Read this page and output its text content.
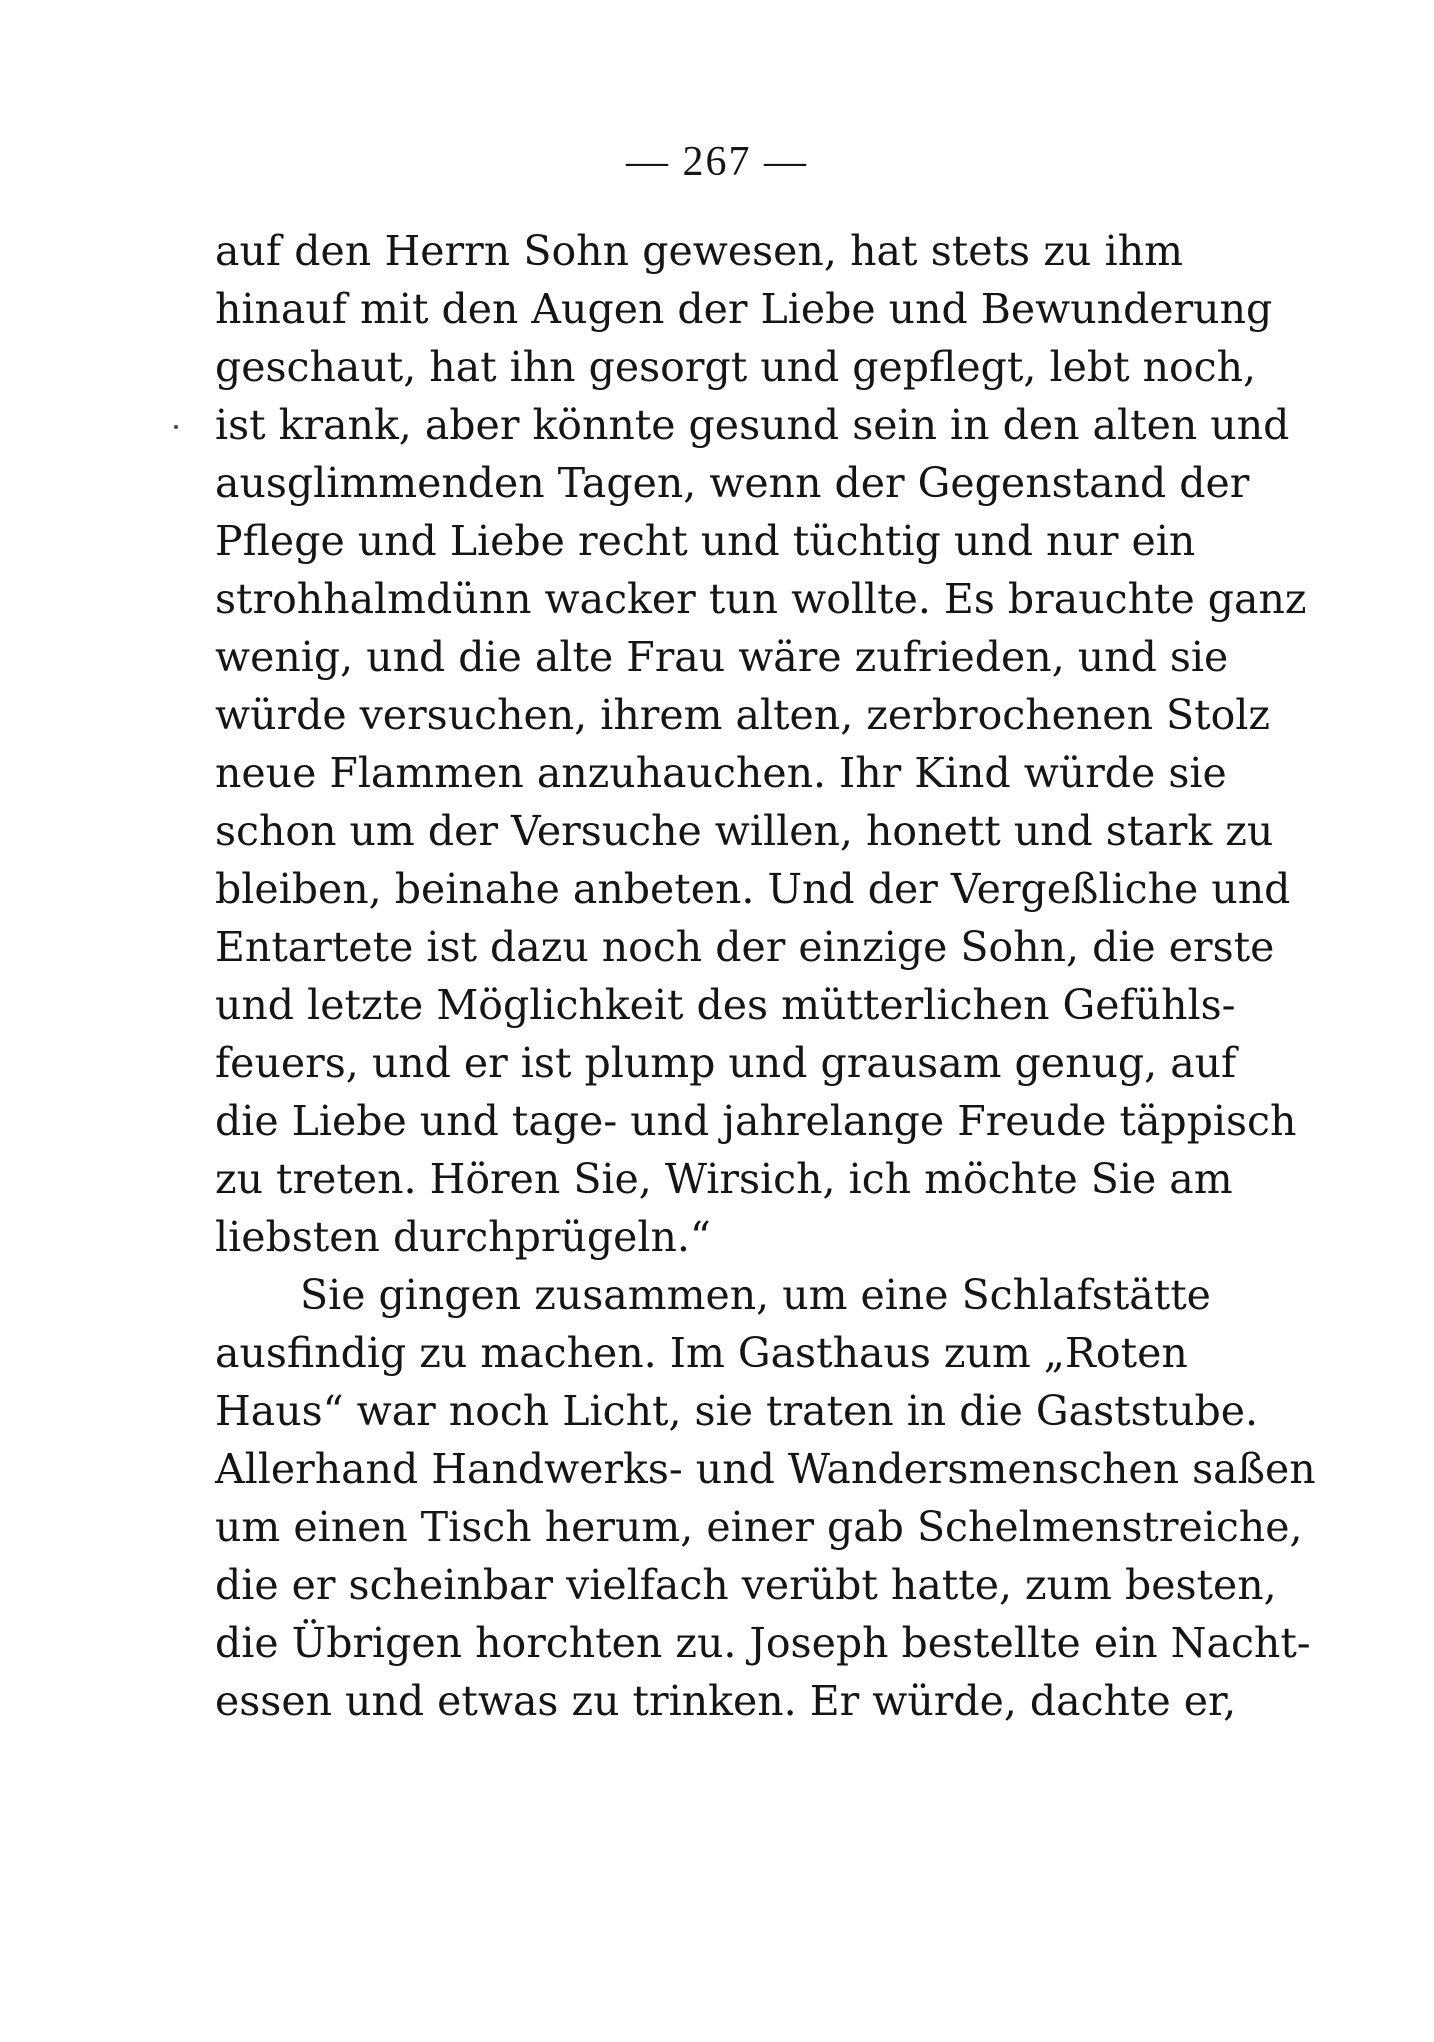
— 267 —
auf den Herrn Sohn gewesen, hat stets zu ihm
hinauf mit den Augen der Liebe und Bewunderung
geschaut, hat ihn gesorgt und gepflegt, lebt noch,
ist krank, aber könnte gesund sein in den alten und
ausglimmenden Tagen, wenn der Gegenstand der
Pflege und Liebe recht und tüchtig und nur ein
strohhalmdünn wacker tun wollte. Es brauchte ganz
wenig, und die alte Frau wäre zufrieden, und sie
würde versuchen, ihrem alten, zerbrochenen Stolz
neue Flammen anzuhauchen. Ihr Kind würde sie
schon um der Versuche willen, honett und stark zu
bleiben, beinahe anbeten. Und der Vergeßliche und
Entartete ist dazu noch der einzige Sohn, die erste
und letzte Möglichkeit des mütterlichen Gefühls-
feuers, und er ist plump und grausam genug, auf
die Liebe und tage- und jahrelange Freude täppisch
zu treten. Hören Sie, Wirsich, ich möchte Sie am
liebsten durchprügeln.“
Sie gingen zusammen, um eine Schlafstätte
ausfindig zu machen. Im Gasthaus zum „Roten
Haus“ war noch Licht, sie traten in die Gaststube.
Allerhand Handwerks- und Wandersmenschen saßen
um einen Tisch herum, einer gab Schelmenstreiche,
die er scheinbar vielfach verübt hatte, zum besten,
die Übrigen horchten zu. Joseph bestellte ein Nacht-
essen und etwas zu trinken. Er würde, dachte er,
